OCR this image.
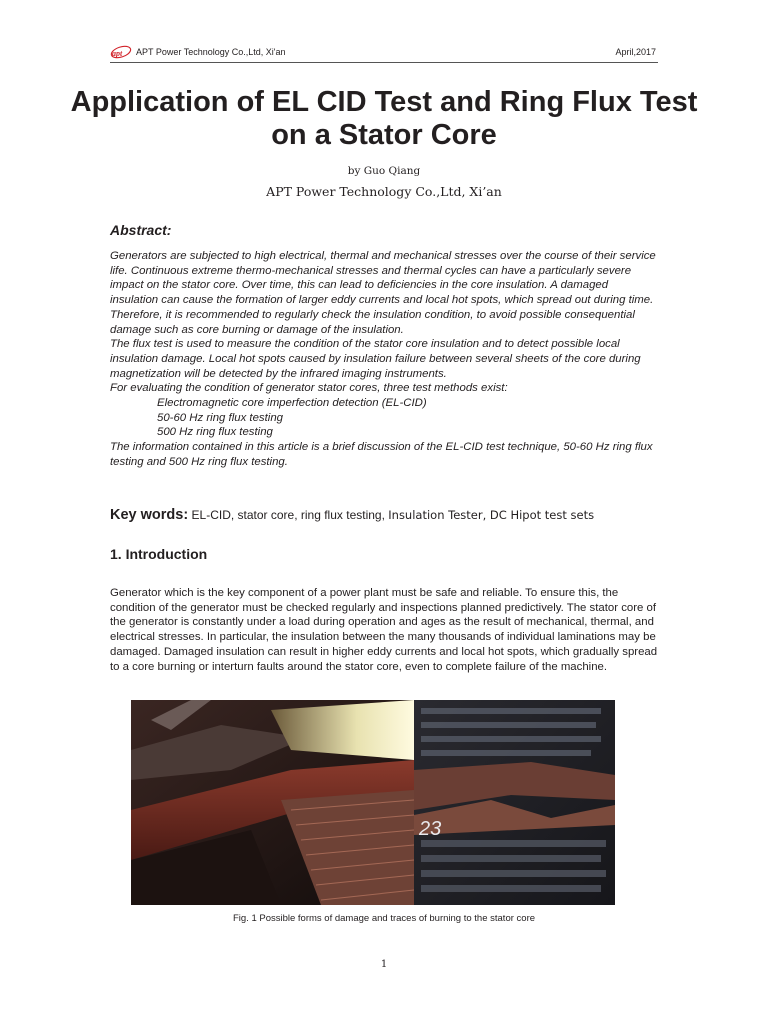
apt APT Power Technology Co.,Ltd, Xi'an	April,2017
Application of EL CID Test and Ring Flux Test on a Stator Core
by Guo Qiang
APT Power Technology Co.,Ltd, Xi’an
Abstract:

Generators are subjected to high electrical, thermal and mechanical stresses over the course of their service life. Continuous extreme thermo-mechanical stresses and thermal cycles can have a particularly severe impact on the stator core. Over time, this can lead to deficiencies in the core insulation. A damaged insulation can cause the formation of larger eddy currents and local hot spots, which spread out during time.

Therefore, it is recommended to regularly check the insulation condition, to avoid possible consequential damage such as core burning or damage of the insulation.

The flux test is used to measure the condition of the stator core insulation and to detect possible local insulation damage. Local hot spots caused by insulation failure between several sheets of the core during magnetization will be detected by the infrared imaging instruments.

For evaluating the condition of generator stator cores, three test methods exist:

Electromagnetic core imperfection detection (EL-CID)

50-60 Hz ring flux testing

500 Hz ring flux testing

The information contained in this article is a brief discussion of the EL-CID test technique, 50-60 Hz ring flux testing and 500 Hz ring flux testing.

Key words: EL-CID, stator core, ring flux testing, Insulation Tester, DC Hipot test sets
1. Introduction
Generator which is the key component of a power plant must be safe and reliable. To ensure this, the condition of the generator must be checked regularly and inspections planned predictively. The stator core of the generator is constantly under a load during operation and ages as the result of mechanical, thermal, and electrical stresses. In particular, the insulation between the many thousands of individual laminations may be damaged. Damaged insulation can result in higher eddy currents and local hot spots, which gradually spread to a core burning or interturn faults around the stator core, even to complete failure of the machine.
23
Fig. 1 Possible forms of damage and traces of burning to the stator core
1
